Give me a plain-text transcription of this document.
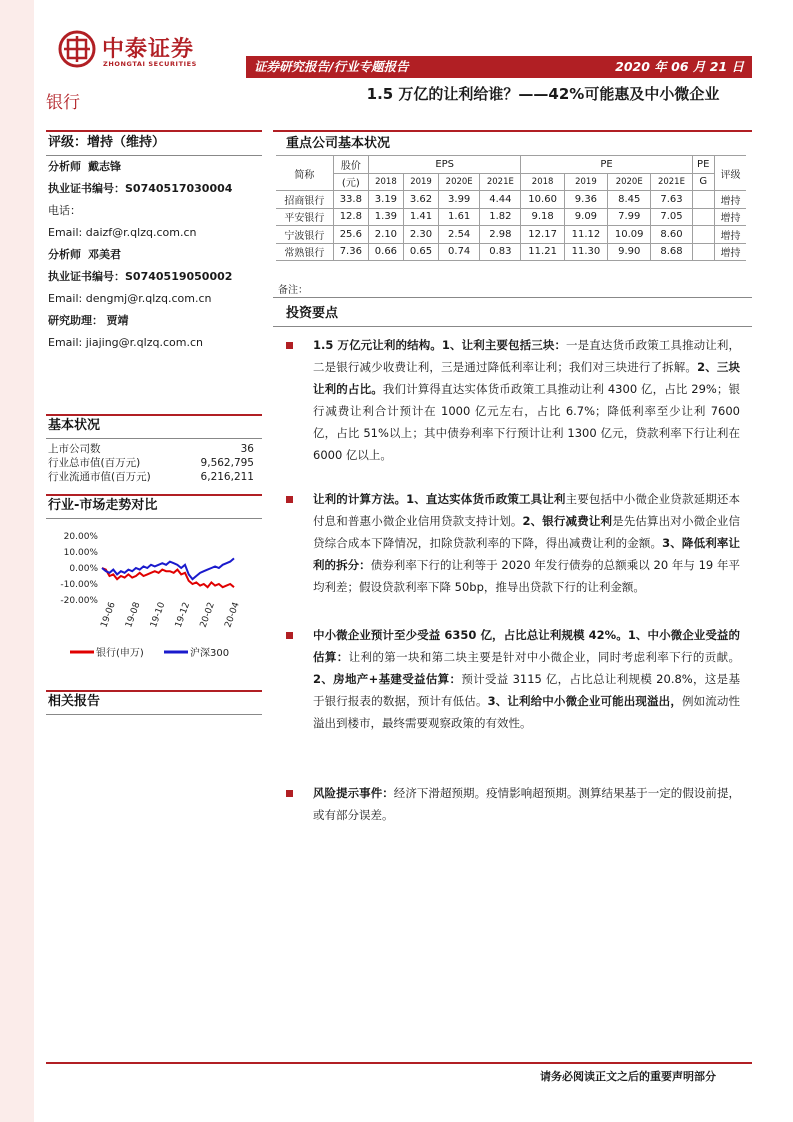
中泰证券
ZHONGTAI SECURITIES	证券研究报告/行业专题报告	2020 年 06 月 21 日
银行	1.5 万亿的让利给谁？——42%可能惠及中小微企业
评级：增持（维持）
分析师 戴志锋
执业证书编号：S0740517030004
电话：
Email: daizf@r.qlzq.com.cn
分析师 邓美君
执业证书编号：S0740519050002
Email: dengmj@r.qlzq.com.cn
研究助理： 贾靖
Email: jiajing@r.qlzq.com.cn
基本状况
上市公司数	36
行业总市值(百万元)	9,562,795
行业流通市值(百万元)	6,216,211
行业-市场走势对比
10.00%
0.00%
-10.00%
-20.00%
20.00%
19-06 19-08 19-10 19-12 20-02 20-04
银行(申万)	沪深300
相关报告
重点公司基本状况
简称	股价	EPS				PE				PE	评级
	(元)	2018	2019	2020E	2021E	2018	2019	2020E	2021E	G	
招商银行	33.8	3.19	3.62	3.99	4.44	10.60	9.36	8.45	7.63		增持
平安银行	12.8	1.39	1.41	1.61	1.82	9.18	9.09	7.99	7.05		增持
宁波银行	25.6	2.10	2.30	2.54	2.98	12.17	11.12	10.09	8.60		增持
常熟银行	7.36	0.66	0.65	0.74	0.83	11.21	11.30	9.90	8.68		增持
备注：
投资要点
1.5 万亿元让利的结构。1、让利主要包括三块：一是直达货币政策工具推动让利，二是银行减少收费让利，三是通过降低利率让利；我们对三块进行了拆解。2、三块让利的占比。我们计算得直达实体货币政策工具推动让利 4300 亿，占比 29%；银行减费让利合计预计在 1000 亿元左右，占比 6.7%；降低利率至少让利 7600 亿，占比 51%以上；其中债券利率下行预计让利 1300 亿元，贷款利率下行让利在 6000 亿以上。
让利的计算方法。1、直达实体货币政策工具让利主要包括中小微企业贷款延期还本付息和普惠小微企业信用贷款支持计划。2、银行减费让利是先估算出对小微企业信贷综合成本下降情况，扣除贷款利率的下降，得出减费让利的金额。3、降低利率让利的拆分：债券利率下行的让利等于 2020 年发行债券的总额乘以 20 年与 19 年平均利差；假设贷款利率下降 50bp，推导出贷款下行的让利金额。
中小微企业预计至少受益 6350 亿，占比总让利规模 42%。1、中小微企业受益的估算：让利的第一块和第二块主要是针对中小微企业，同时考虑利率下行的贡献。2、房地产+基建受益估算：预计受益 3115 亿，占比总让利规模 20.8%，这是基于银行报表的数据，预计有低估。3、让利给中小微企业可能出现溢出，例如流动性溢出到楼市，最终需要观察政策的有效性。
风险提示事件：经济下滑超预期。疫情影响超预期。测算结果基于一定的假设前提，或有部分误差。
请务必阅读正文之后的重要声明部分
